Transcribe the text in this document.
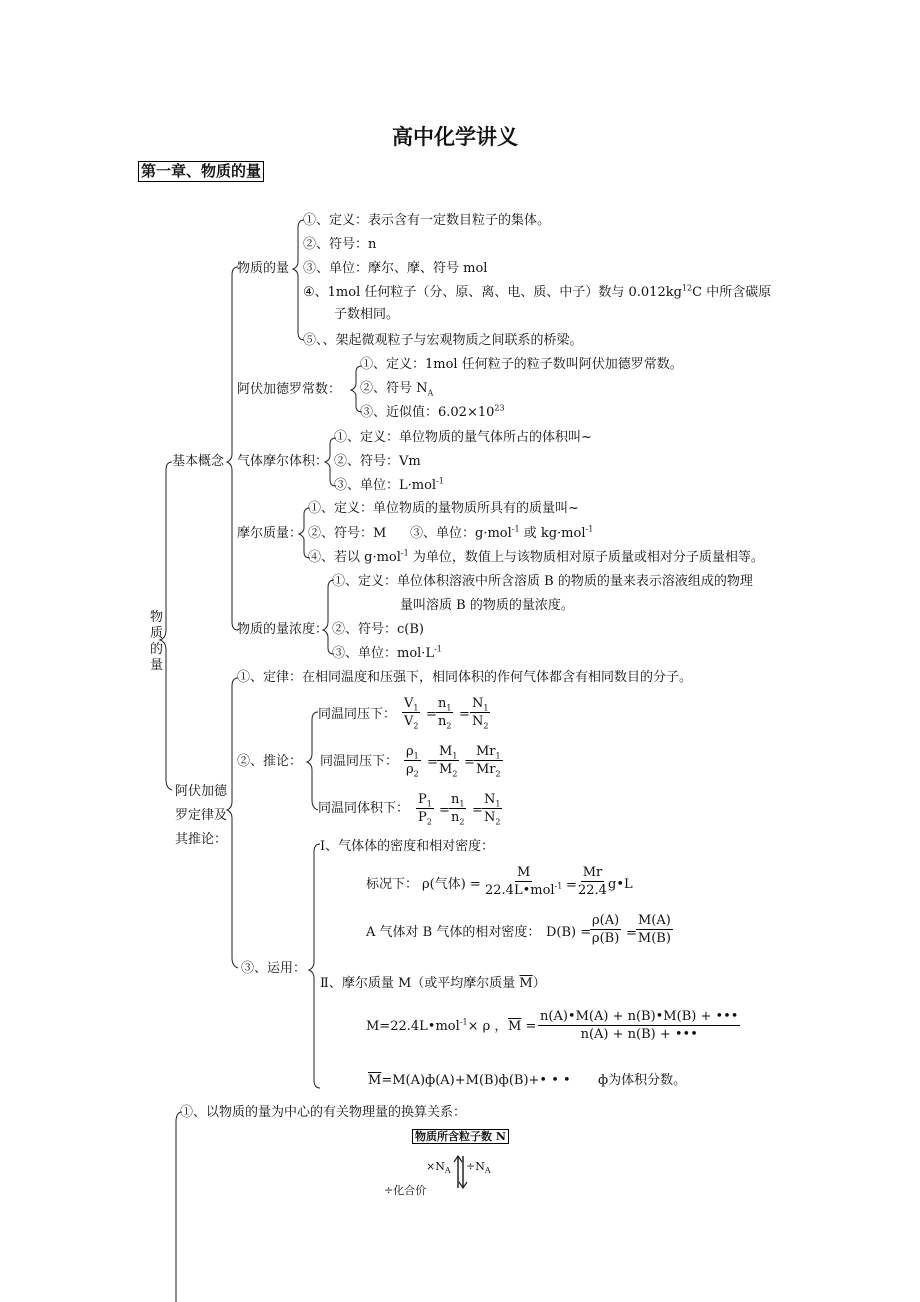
高中化学讲义
第一章、物质的量
物质的量
基本概念
物质的量
①、定义：表示含有一定数目粒子的集体。
②、符号：n
③、单位：摩尔、摩、符号 mol
④、1mol 任何粒子（分、原、离、电、质、中子）数与 $0.012kg^{12}C$ 中所含碳原
子数相同。
⑤、、架起微观粒子与宏观物质之间联系的桥梁。
阿伏加德罗常数：
①、定义：1mol 任何粒子的粒子数叫阿伏加德罗常数。
②、符号 $N_A$
③、近似值：$6.02\times 10^{23}$
气体摩尔体积：
①、定义：单位物质的量气体所占的体积叫~
②、符号：Vm
③、单位：L·mol$^{-1}$
摩尔质量：
①、定义：单位物质的量物质所具有的质量叫~
②、符号：M ③、单位：g·mol$^{-1}$ 或 kg·mol$^{-1}$
④、若以 g·mol$^{-1}$ 为单位，数值上与该物质相对原子质量或相对分子质量相等。
物质的量浓度：
①、定义：单位体积溶液中所含溶质 B 的物质的量来表示溶液组成的物理
量叫溶质 B 的物质的量浓度。
②、符号：c(B)
③、单位：$mol\cdot L^{-1}$
阿伏加德
罗定律及
其推论：
①、定律：在相同温度和压强下，相同体积的作何气体都含有相同数目的分子。
②、推论：
同温同压下： $\frac{V_1}{V_2} = \frac{n_1}{n_2} = \frac{N_1}{N_2}$
同温同压下： $\frac{\rho_1}{\rho_2} = \frac{M_1}{M_2} = \frac{Mr_1}{Mr_2}$
同温同体积下： $\frac{P_1}{P_2} = \frac{n_1}{n_2} = \frac{N_1}{N_2}$
③、运用：
Ⅰ、气体体的密度和相对密度：
标况下： ρ(气体) =
M
22.4L•mol$^{-1}$ = $\frac{Mr}{22.4}$ g•L
A 气体对 B 气体的相对密度： D(B) =
$\frac{\rho(A)}{\rho(B)} = \frac{M(A)}{M(B)}$
Ⅱ、摩尔质量 M（或平均摩尔质量 $\overline{M}$）
M=22.4L•mol$^{-1}$× ρ ， $\overline{M} = \frac{n(A)•M(A) + n(B)•M(B) + •••}{n(A) + n(B) + •••}$
$\overline{M}=M(A)ф(A)+M(B)ф(B)+•$ • • ф为体积分数。
①、以物质的量为中心的有关物理量的换算关系：
物质所含粒子数 N
$\times N_A \div N_A$
÷化合价
